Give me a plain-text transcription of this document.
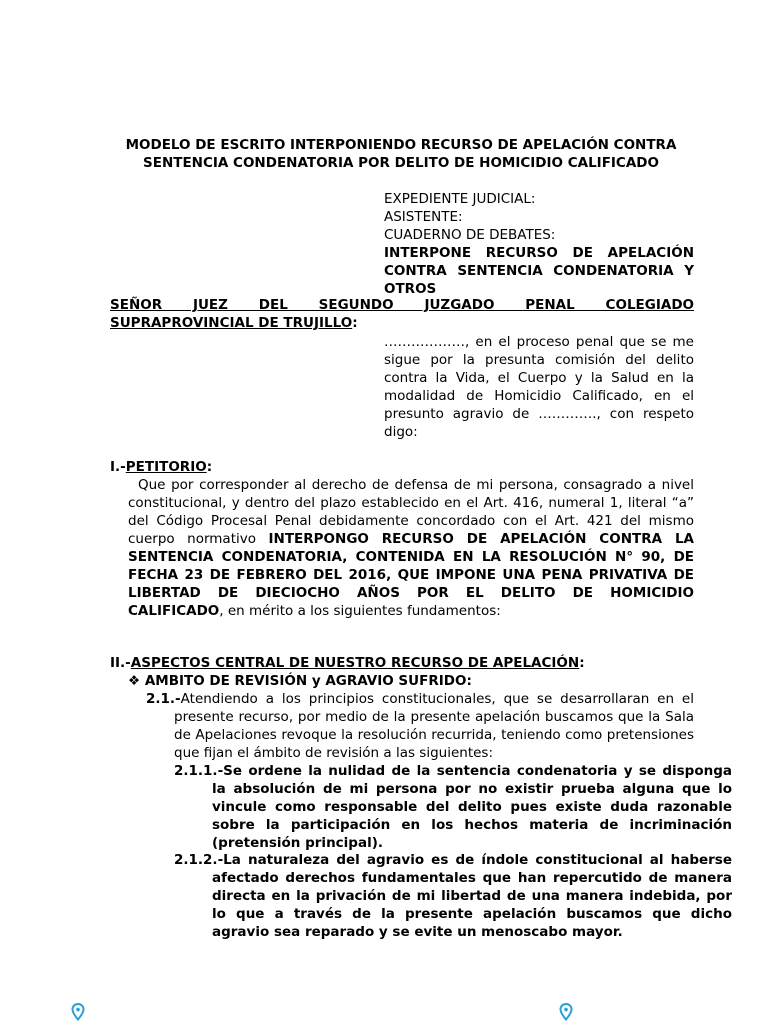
MODELO DE ESCRITO INTERPONIENDO RECURSO DE APELACIÓN CONTRA
SENTENCIA CONDENATORIA POR DELITO DE HOMICIDIO CALIFICADO
EXPEDIENTE JUDICIAL:
ASISTENTE:
CUADERNO DE DEBATES:
INTERPONE RECURSO DE APELACIÓN CONTRA SENTENCIA CONDENATORIA Y OTROS
SEÑOR JUEZ DEL SEGUNDO JUZGADO PENAL COLEGIADO
SUPRAPROVINCIAL DE TRUJILLO:
………………, en el proceso penal que se me sigue por la presunta comisión del delito contra la Vida, el Cuerpo y la Salud en la modalidad de Homicidio Calificado, en el presunto agravio de …………., con respeto digo:
I.-PETITORIO:
Que por corresponder al derecho de defensa de mi persona, consagrado a nivel constitucional, y dentro del plazo establecido en el Art. 416, numeral 1, literal “a” del Código Procesal Penal debidamente concordado con el Art. 421 del mismo cuerpo normativo INTERPONGO RECURSO DE APELACIÓN CONTRA LA SENTENCIA CONDENATORIA, CONTENIDA EN LA RESOLUCIÓN N° 90, DE FECHA 23 DE FEBRERO DEL 2016, QUE IMPONE UNA PENA PRIVATIVA DE LIBERTAD DE DIECIOCHO AÑOS POR EL DELITO DE HOMICIDIO CALIFICADO, en mérito a los siguientes fundamentos:
II.-ASPECTOS CENTRAL DE NUESTRO RECURSO DE APELACIÓN:
❖ AMBITO DE REVISIÓN y AGRAVIO SUFRIDO:
2.1.-Atendiendo a los principios constitucionales, que se desarrollaran en el presente recurso, por medio de la presente apelación buscamos que la Sala de Apelaciones revoque la resolución recurrida, teniendo como pretensiones que fijan el ámbito de revisión a las siguientes:
2.1.1.-Se ordene la nulidad de la sentencia condenatoria y se disponga la absolución de mi persona por no existir prueba alguna que lo vincule como responsable del delito pues existe duda razonable sobre la participación en los hechos materia de incriminación (pretensión principal).
2.1.2.-La naturaleza del agravio es de índole constitucional al haberse afectado derechos fundamentales que han repercutido de manera directa en la privación de mi libertad de una manera indebida, por lo que a través de la presente apelación buscamos que dicho agravio sea reparado y se evite un menoscabo mayor.
